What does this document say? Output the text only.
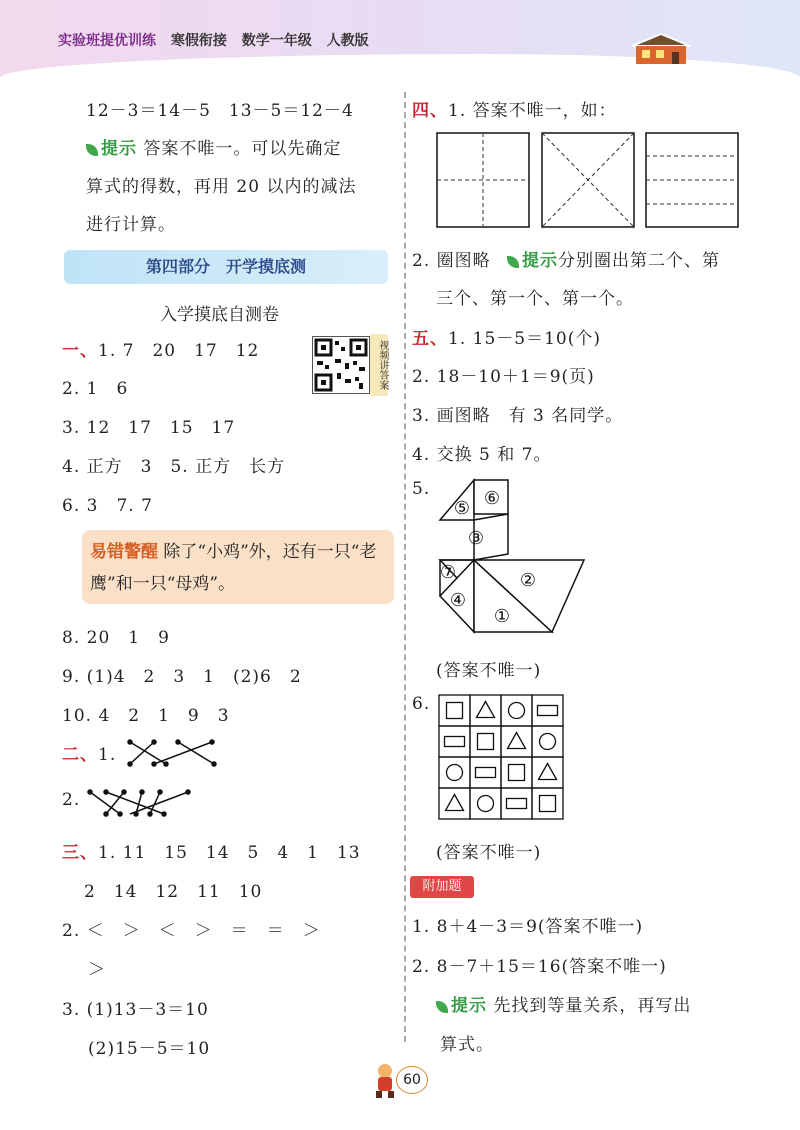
实验班提优训练 寒假衔接 数学一年级 人教版
12－3＝14－5　13－5＝12－4
提示 答案不唯一。可以先确定
算式的得数，再用 20 以内的减法
进行计算。
第四部分　开学摸底测
入学摸底自测卷
视频讲答案
一、1. 7　20　17　12
2. 1　6
3. 12　17　15　17
4. 正方　3　5. 正方　长方
6. 3　7. 7
易错警醒 除了“小鸡”外，还有一只“老鹰”和一只“母鸡”。
8. 20　1　9
9. (1)4　2　3　1　(2)6　2
10. 4　2　1　9　3
二、1.
2.
三、1. 11　15　14　5　4　1　13
2　14　12　11　10
2. ＜　＞　＜　＞　＝　＝　＞
＞
3. (1)13－3＝10
(2)15－5＝10
四、1. 答案不唯一，如：
2. 圈图略 提示分别圈出第二个、第
三个、第一个、第一个。
五、1. 15－5＝10(个)
2. 18－10＋1＝9(页)
3. 画图略　有 3 名同学。
4. 交换 5 和 7。
5.	⑥
⑤
③
⑦
④
②
①
(答案不唯一)
6.
(答案不唯一)
附加题
1. 8＋4－3＝9(答案不唯一)
2. 8－7＋15＝16(答案不唯一)
提示 先找到等量关系，再写出
算式。
60
